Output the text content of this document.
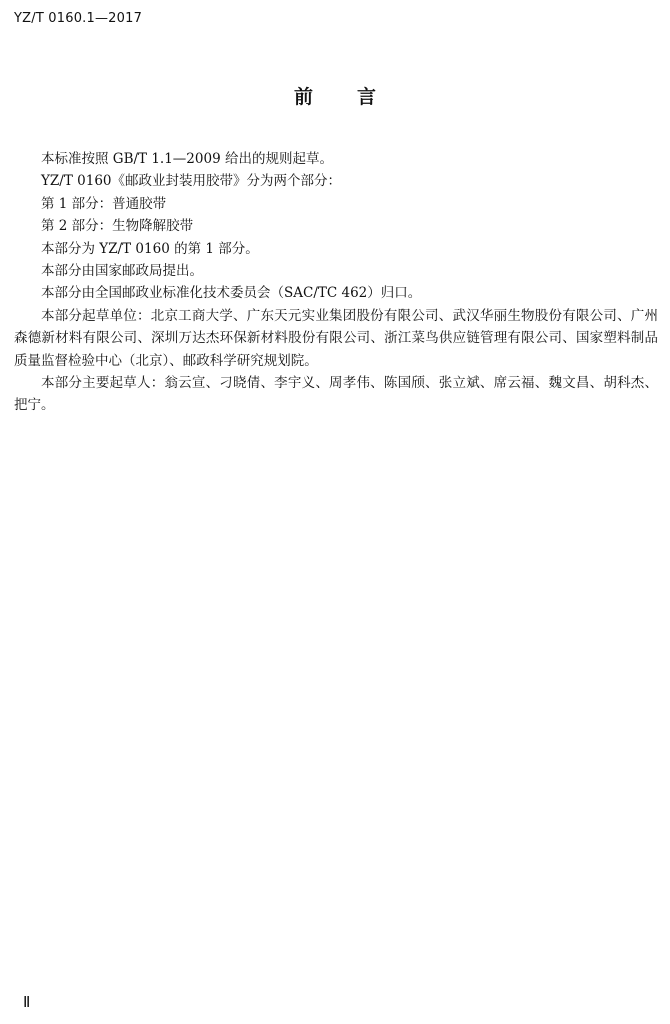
YZ/T 0160.1—2017
前言

本标准按照 GB/T 1.1—2009 给出的规则起草。

YZ/T 0160《邮政业封装用胶带》分为两个部分：

第 1 部分：普通胶带

第 2 部分：生物降解胶带

本部分为 YZ/T 0160 的第 1 部分。

本部分由国家邮政局提出。

本部分由全国邮政业标准化技术委员会（SAC/TC 462）归口。

本部分起草单位：北京工商大学、广东天元实业集团股份有限公司、武汉华丽生物股份有限公司、广州森德新材料有限公司、深圳万达杰环保新材料股份有限公司、浙江菜鸟供应链管理有限公司、国家塑料制品质量监督检验中心（北京）、邮政科学研究规划院。

本部分主要起草人：翁云宣、刁晓倩、李宇义、周孝伟、陈国颀、张立斌、席云福、魏文昌、胡科杰、把宁。

Ⅱ
